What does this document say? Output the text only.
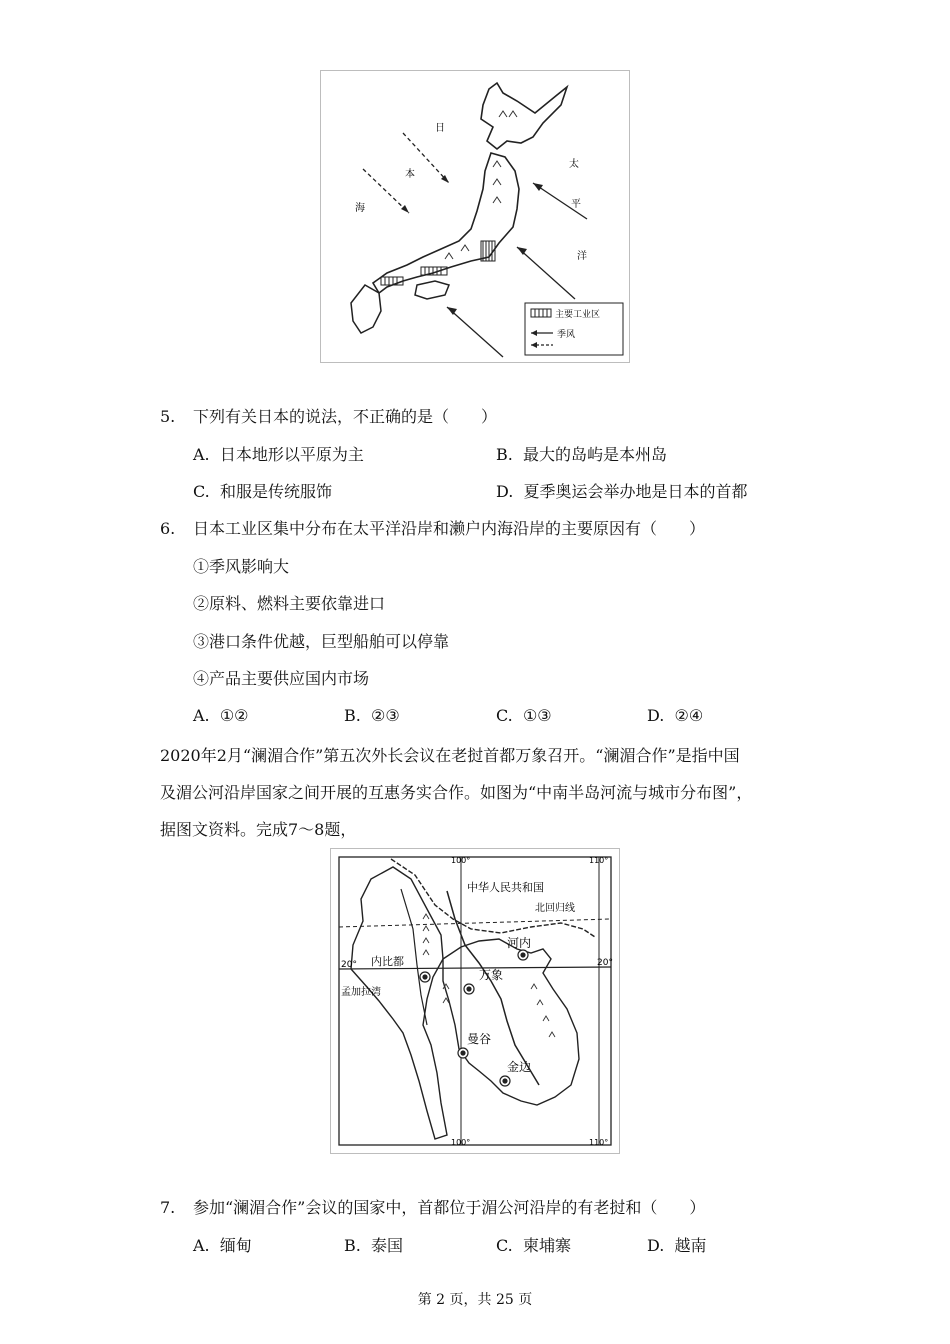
日
本
海
太
平
洋
主要工业区
季风
5. 下列有关日本的说法，不正确的是（　　）
A. 日本地形以平原为主	B. 最大的岛屿是本州岛
C. 和服是传统服饰	D. 夏季奥运会举办地是日本的首都
6. 日本工业区集中分布在太平洋沿岸和濑户内海沿岸的主要原因有（　　）
①季风影响大
②原料、燃料主要依靠进口
③港口条件优越，巨型船舶可以停靠
④产品主要供应国内市场
A. ①②	B. ②③	C. ①③	D. ②④
2020年2月“澜湄合作”第五次外长会议在老挝首都万象召开。“澜湄合作”是指中国
及湄公河沿岸国家之间开展的互惠务实合作。如图为“中南半岛河流与城市分布图”，
据图文资料。完成7～8题，
中华人民共和国
北回归线
河内
内比都
万象
曼谷
金边
孟加拉湾
20°	20°
100°	110°
100°	110°
7. 参加“澜湄合作”会议的国家中，首都位于湄公河沿岸的有老挝和（　　）
A. 缅甸	B. 泰国	C. 柬埔寨	D. 越南
第 2 页，共 25 页
